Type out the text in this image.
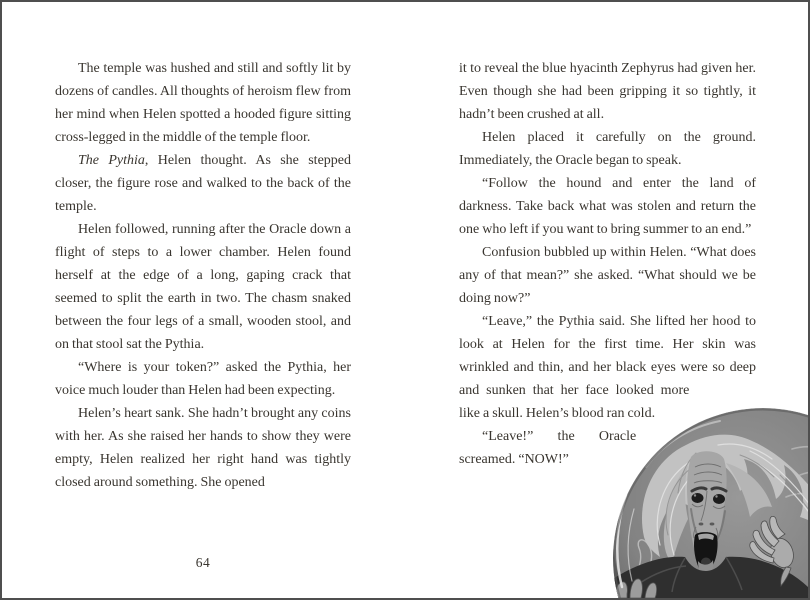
The temple was hushed and still and softly lit by dozens of candles. All thoughts of heroism flew from her mind when Helen spotted a hooded figure sitting cross-legged in the middle of the temple floor.

The Pythia, Helen thought. As she stepped closer, the figure rose and walked to the back of the temple.

Helen followed, running after the Oracle down a flight of steps to a lower chamber. Helen found herself at the edge of a long, gaping crack that seemed to split the earth in two. The chasm snaked between the four legs of a small, wooden stool, and on that stool sat the Pythia.

“Where is your token?” asked the Pythia, her voice much louder than Helen had been expecting.

Helen’s heart sank. She hadn’t brought any coins with her. As she raised her hands to show they were empty, Helen realized her right hand was tightly closed around something. She opened

it to reveal the blue hyacinth Zephyrus had given her. Even though she had been gripping it so tightly, it hadn’t been crushed at all.

Helen placed it carefully on the ground. Immediately, the Oracle began to speak.

“Follow the hound and enter the land of darkness. Take back what was stolen and return the one who left if you want to bring summer to an end.”

Confusion bubbled up within Helen. “What does any of that mean?” she asked. “What should we be doing now?”

“Leave,” the Pythia said. She lifted her hood to look at Helen for the first time. Her skin was wrinkled and thin, and her black eyes were so deep and sunken that her face looked more like a skull. Helen’s blood ran cold.

“Leave!” the Oracle screamed. “NOW!”

64
